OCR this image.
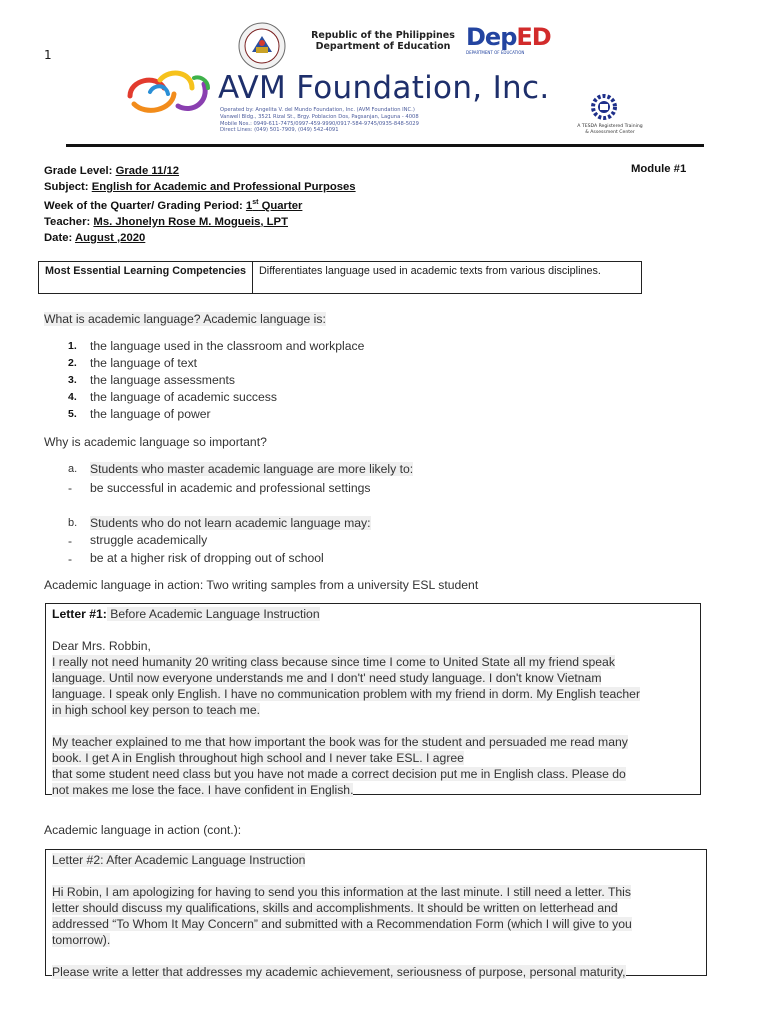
1
Republic of the Philippines
Department of Education DepED
DEPARTMENT OF EDUCATION
AVM Foundation, Inc.
Operated by: Angelita V. del Mundo Foundation, Inc. (AVM Foundation INC.)
Vanwell Bldg., 3521 Rizal St., Brgy. Poblacion Dos, Pagsanjan, Laguna - 4008
Mobile Nos.: 0949-611-7475/0997-459-9990/0917-584-9745/0935-848-5029
Direct Lines: (049) 501-7909, (049) 542-4091
A TESDA Registered Training
& Assessment Center
Grade Level: Grade 11/12
Subject: English for Academic and Professional Purposes
Week of the Quarter/ Grading Period: 1st Quarter
Teacher: Ms. Jhonelyn Rose M. Mogueis, LPT
Date: August ,2020
Module #1
Most Essential Learning Competencies	Differentiates language used in academic texts from various disciplines.
What is academic language? Academic language is:
1. the language used in the classroom and workplace
2. the language of text
3. the language assessments
4. the language of academic success
5. the language of power
Why is academic language so important?
a. Students who master academic language are more likely to:
- be successful in academic and professional settings
b. Students who do not learn academic language may:
- struggle academically
- be at a higher risk of dropping out of school
Academic language in action: Two writing samples from a university ESL student

Letter #1: Before Academic Language Instruction

Dear Mrs. Robbin,

I really not need humanity 20 writing class because since time I come to United State all my friend speak

language. Until now everyone understands me and I don't' need study language. I don't know Vietnam

language. I speak only English. I have no communication problem with my friend in dorm. My English teacher

in high school key person to teach me.

My teacher explained to me that how important the book was for the student and persuaded me read many

book. I get A in English throughout high school and I never take ESL. I agree

that some student need class but you have not made a correct decision put me in English class. Please do

not makes me lose the face. I have confident in English.

Academic language in action (cont.):

Letter #2: After Academic Language Instruction

Hi Robin, I am apologizing for having to send you this information at the last minute. I still need a letter. This

letter should discuss my qualifications, skills and accomplishments. It should be written on letterhead and

addressed “To Whom It May Concern” and submitted with a Recommendation Form (which I will give to you

tomorrow).

Please write a letter that addresses my academic achievement, seriousness of purpose, personal maturity,
